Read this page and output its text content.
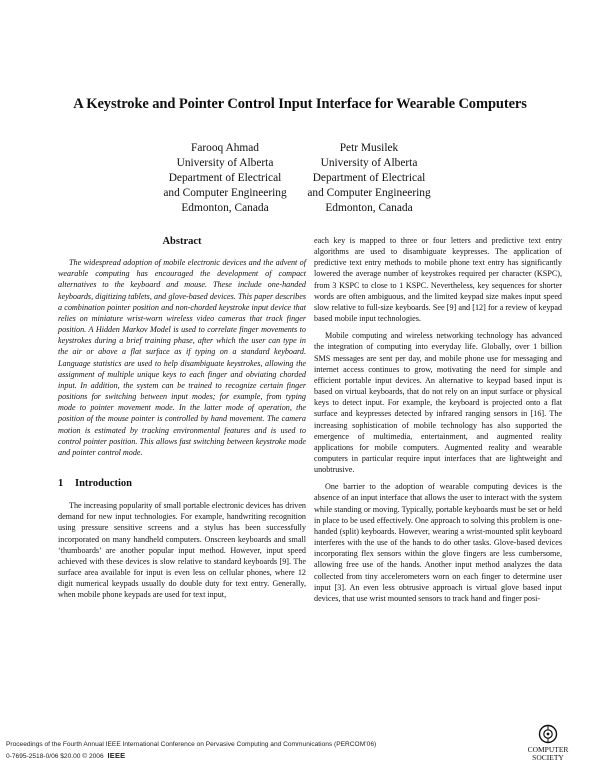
A Keystroke and Pointer Control Input Interface for Wearable Computers
Farooq Ahmad
University of Alberta
Department of Electrical
and Computer Engineering
Edmonton, Canada
Petr Musilek
University of Alberta
Department of Electrical
and Computer Engineering
Edmonton, Canada
Abstract

The widespread adoption of mobile electronic devices and the advent of wearable computing has encouraged the development of compact alternatives to the keyboard and mouse. These include one-handed keyboards, digitizing tablets, and glove-based devices. This paper describes a combination pointer position and non-chorded keystroke input device that relies on miniature wrist-worn wireless video cameras that track finger position. A Hidden Markov Model is used to correlate finger movements to keystrokes during a brief training phase, after which the user can type in the air or above a flat surface as if typing on a standard keyboard. Language statistics are used to help disambiguate keystrokes, allowing the assignment of multiple unique keys to each finger and obviating chorded input. In addition, the system can be trained to recognize certain finger positions for switching between input modes; for example, from typing mode to pointer movement mode. In the latter mode of operation, the position of the mouse pointer is controlled by hand movement. The camera motion is estimated by tracking environmental features and is used to control pointer position. This allows fast switching between keystroke mode and pointer control mode.

1 Introduction

The increasing popularity of small portable electronic devices has driven demand for new input technologies. For example, handwriting recognition using pressure sensitive screens and a stylus has been successfully incorporated on many handheld computers. Onscreen keyboards and small ‘thumboards’ are another popular input method. However, input speed achieved with these devices is slow relative to standard keyboards [9]. The surface area available for input is even less on cellular phones, where 12 digit numerical keypads usually do double duty for text entry. Generally, when mobile phone keypads are used for text input,

each key is mapped to three or four letters and predictive text entry algorithms are used to disambiguate keypresses. The application of predictive text entry methods to mobile phone text entry has significantly lowered the average number of keystrokes required per character (KSPC), from 3 KSPC to close to 1 KSPC. Nevertheless, key sequences for shorter words are often ambiguous, and the limited keypad size makes input speed slow relative to full-size keyboards. See [9] and [12] for a review of keypad based mobile input technologies.

Mobile computing and wireless networking technology has advanced the integration of computing into everyday life. Globally, over 1 billion SMS messages are sent per day, and mobile phone use for messaging and internet access continues to grow, motivating the need for simple and efficient portable input devices. An alternative to keypad based input is based on virtual keyboards, that do not rely on an input surface or physical keys to detect input. For example, the keyboard is projected onto a flat surface and keypresses detected by infrared ranging sensors in [16]. The increasing sophistication of mobile technology has also supported the emergence of multimedia, entertainment, and augmented reality applications for mobile computers. Augmented reality and wearable computers in particular require input interfaces that are lightweight and unobtrusive.

One barrier to the adoption of wearable computing devices is the absence of an input interface that allows the user to interact with the system while standing or moving. Typically, portable keyboards must be set or held in place to be used effectively. One approach to solving this problem is one-handed (split) keyboards. However, wearing a wrist-mounted split keyboard interferes with the use of the hands to do other tasks. Glove-based devices incorporating flex sensors within the glove fingers are less cumbersome, allowing free use of the hands. Another input method analyzes the data collected from tiny accelerometers worn on each finger to determine user input [3]. An even less obtrusive approach is virtual glove based input devices, that use wrist mounted sensors to track hand and finger posi-

Proceedings of the Fourth Annual IEEE International Conference on Pervasive Computing and Communications (PERCOM’06)
0-7695-2518-0/06 $20.00 © 2006 IEEE
COMPUTER
SOCIETY
